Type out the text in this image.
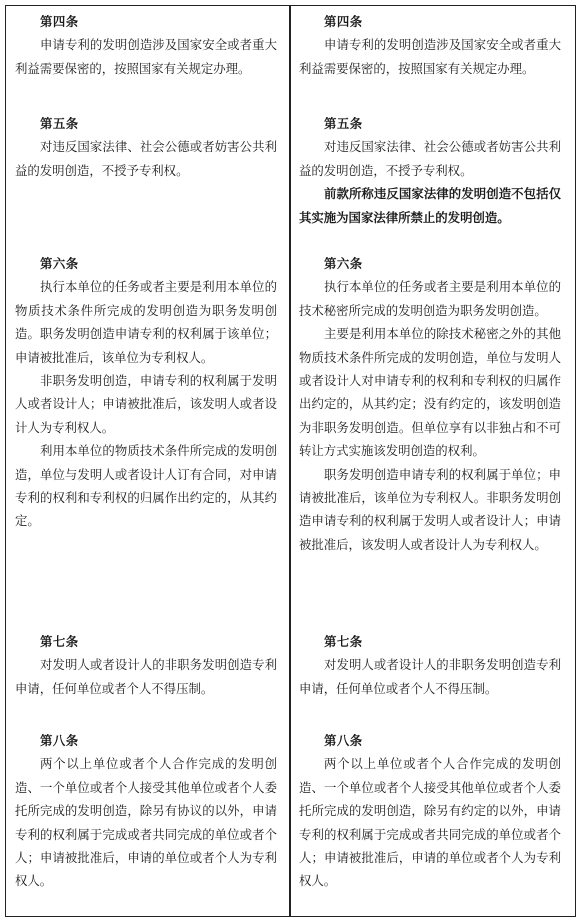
第四条

申请专利的发明创造涉及国家安全或者重大利益需要保密的，按照国家有关规定办理。

第五条

对违反国家法律、社会公德或者妨害公共利益的发明创造，不授予专利权。

第六条

执行本单位的任务或者主要是利用本单位的物质技术条件所完成的发明创造为职务发明创造。职务发明创造申请专利的权利属于该单位；申请被批准后，该单位为专利权人。

非职务发明创造，申请专利的权利属于发明人或者设计人；申请被批准后，该发明人或者设计人为专利权人。

利用本单位的物质技术条件所完成的发明创造，单位与发明人或者设计人订有合同，对申请专利的权利和专利权的归属作出约定的，从其约定。

第七条

对发明人或者设计人的非职务发明创造专利申请，任何单位或者个人不得压制。

第八条

两个以上单位或者个人合作完成的发明创造、一个单位或者个人接受其他单位或者个人委托所完成的发明创造，除另有协议的以外，申请专利的权利属于完成或者共同完成的单位或者个人；申请被批准后，申请的单位或者个人为专利权人。

第四条

申请专利的发明创造涉及国家安全或者重大利益需要保密的，按照国家有关规定办理。

第五条

对违反国家法律、社会公德或者妨害公共利益的发明创造，不授予专利权。

前款所称违反国家法律的发明创造不包括仅其实施为国家法律所禁止的发明创造。

第六条

执行本单位的任务或者主要是利用本单位的技术秘密所完成的发明创造为职务发明创造。

主要是利用本单位的除技术秘密之外的其他物质技术条件所完成的发明创造，单位与发明人或者设计人对申请专利的权利和专利权的归属作出约定的，从其约定；没有约定的，该发明创造为非职务发明创造。但单位享有以非独占和不可转让方式实施该发明创造的权利。

职务发明创造申请专利的权利属于单位；申请被批准后，该单位为专利权人。非职务发明创造申请专利的权利属于发明人或者设计人；申请被批准后，该发明人或者设计人为专利权人。

第七条

对发明人或者设计人的非职务发明创造专利申请，任何单位或者个人不得压制。

第八条

两个以上单位或者个人合作完成的发明创造、一个单位或者个人接受其他单位或者个人委托所完成的发明创造，除另有约定的以外，申请专利的权利属于完成或者共同完成的单位或者个人；申请被批准后，申请的单位或者个人为专利权人。
